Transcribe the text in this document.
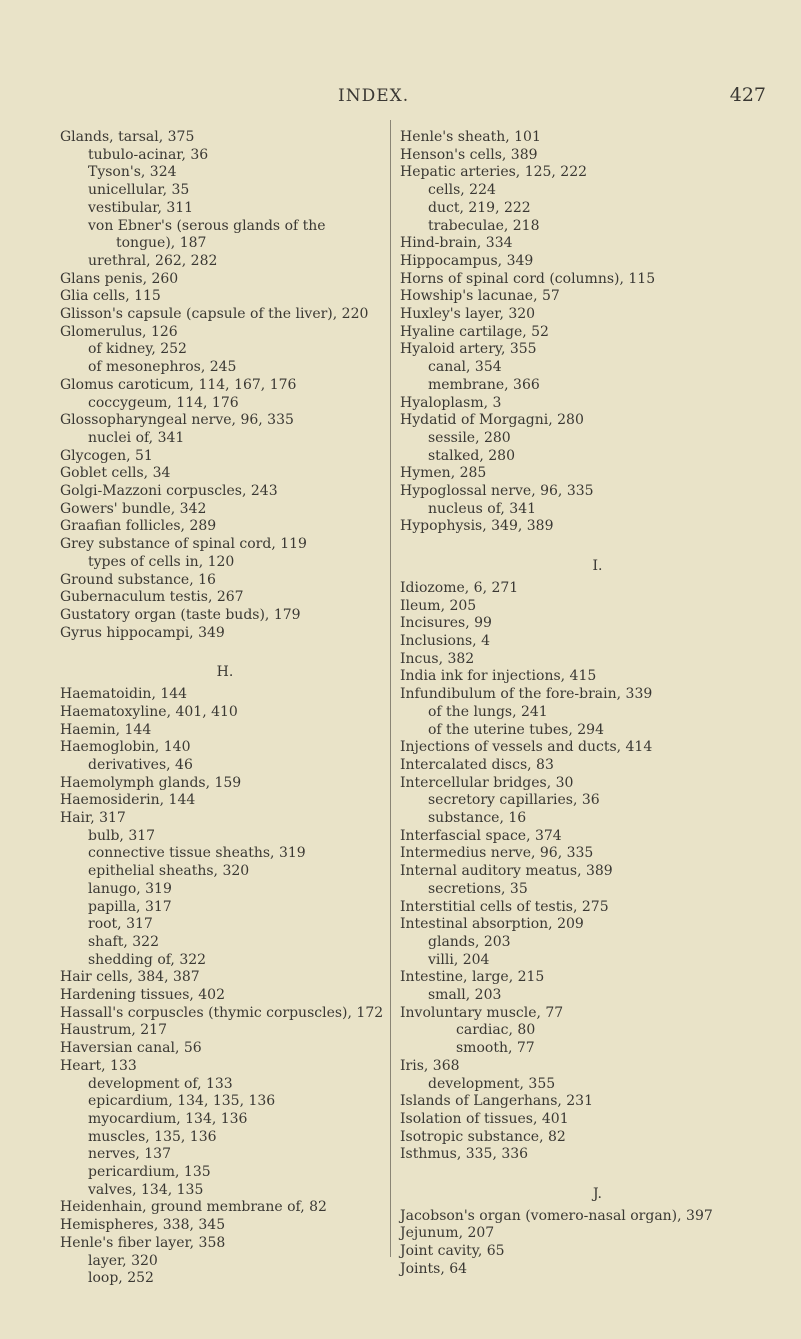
INDEX.	427
Glands, tarsal, 375
tubulo-acinar, 36
Tyson's, 324
unicellular, 35
vestibular, 311
von Ebner's (serous glands of the
tongue), 187
urethral, 262, 282
Glans penis, 260
Glia cells, 115
Glisson's capsule (capsule of the liver), 220
Glomerulus, 126
of kidney, 252
of mesonephros, 245
Glomus caroticum, 114, 167, 176
coccygeum, 114, 176
Glossopharyngeal nerve, 96, 335
nuclei of, 341
Glycogen, 51
Goblet cells, 34
Golgi-Mazzoni corpuscles, 243
Gowers' bundle, 342
Graafian follicles, 289
Grey substance of spinal cord, 119
types of cells in, 120
Ground substance, 16
Gubernaculum testis, 267
Gustatory organ (taste buds), 179
Gyrus hippocampi, 349
H.
Haematoidin, 144
Haematoxyline, 401, 410
Haemin, 144
Haemoglobin, 140
derivatives, 46
Haemolymph glands, 159
Haemosiderin, 144
Hair, 317
bulb, 317
connective tissue sheaths, 319
epithelial sheaths, 320
lanugo, 319
papilla, 317
root, 317
shaft, 322
shedding of, 322
Hair cells, 384, 387
Hardening tissues, 402
Hassall's corpuscles (thymic corpuscles), 172
Haustrum, 217
Haversian canal, 56
Heart, 133
development of, 133
epicardium, 134, 135, 136
myocardium, 134, 136
muscles, 135, 136
nerves, 137
pericardium, 135
valves, 134, 135
Heidenhain, ground membrane of, 82
Hemispheres, 338, 345
Henle's fiber layer, 358
layer, 320
loop, 252
Henle's sheath, 101
Henson's cells, 389
Hepatic arteries, 125, 222
cells, 224
duct, 219, 222
trabeculae, 218
Hind-brain, 334
Hippocampus, 349
Horns of spinal cord (columns), 115
Howship's lacunae, 57
Huxley's layer, 320
Hyaline cartilage, 52
Hyaloid artery, 355
canal, 354
membrane, 366
Hyaloplasm, 3
Hydatid of Morgagni, 280
sessile, 280
stalked, 280
Hymen, 285
Hypoglossal nerve, 96, 335
nucleus of, 341
Hypophysis, 349, 389
I.
Idiozome, 6, 271
Ileum, 205
Incisures, 99
Inclusions, 4
Incus, 382
India ink for injections, 415
Infundibulum of the fore-brain, 339
of the lungs, 241
of the uterine tubes, 294
Injections of vessels and ducts, 414
Intercalated discs, 83
Intercellular bridges, 30
secretory capillaries, 36
substance, 16
Interfascial space, 374
Intermedius nerve, 96, 335
Internal auditory meatus, 389
secretions, 35
Interstitial cells of testis, 275
Intestinal absorption, 209
glands, 203
villi, 204
Intestine, large, 215
small, 203
Involuntary muscle, 77
cardiac, 80
smooth, 77
Iris, 368
development, 355
Islands of Langerhans, 231
Isolation of tissues, 401
Isotropic substance, 82
Isthmus, 335, 336
J.
Jacobson's organ (vomero-nasal organ), 397
Jejunum, 207
Joint cavity, 65
Joints, 64
